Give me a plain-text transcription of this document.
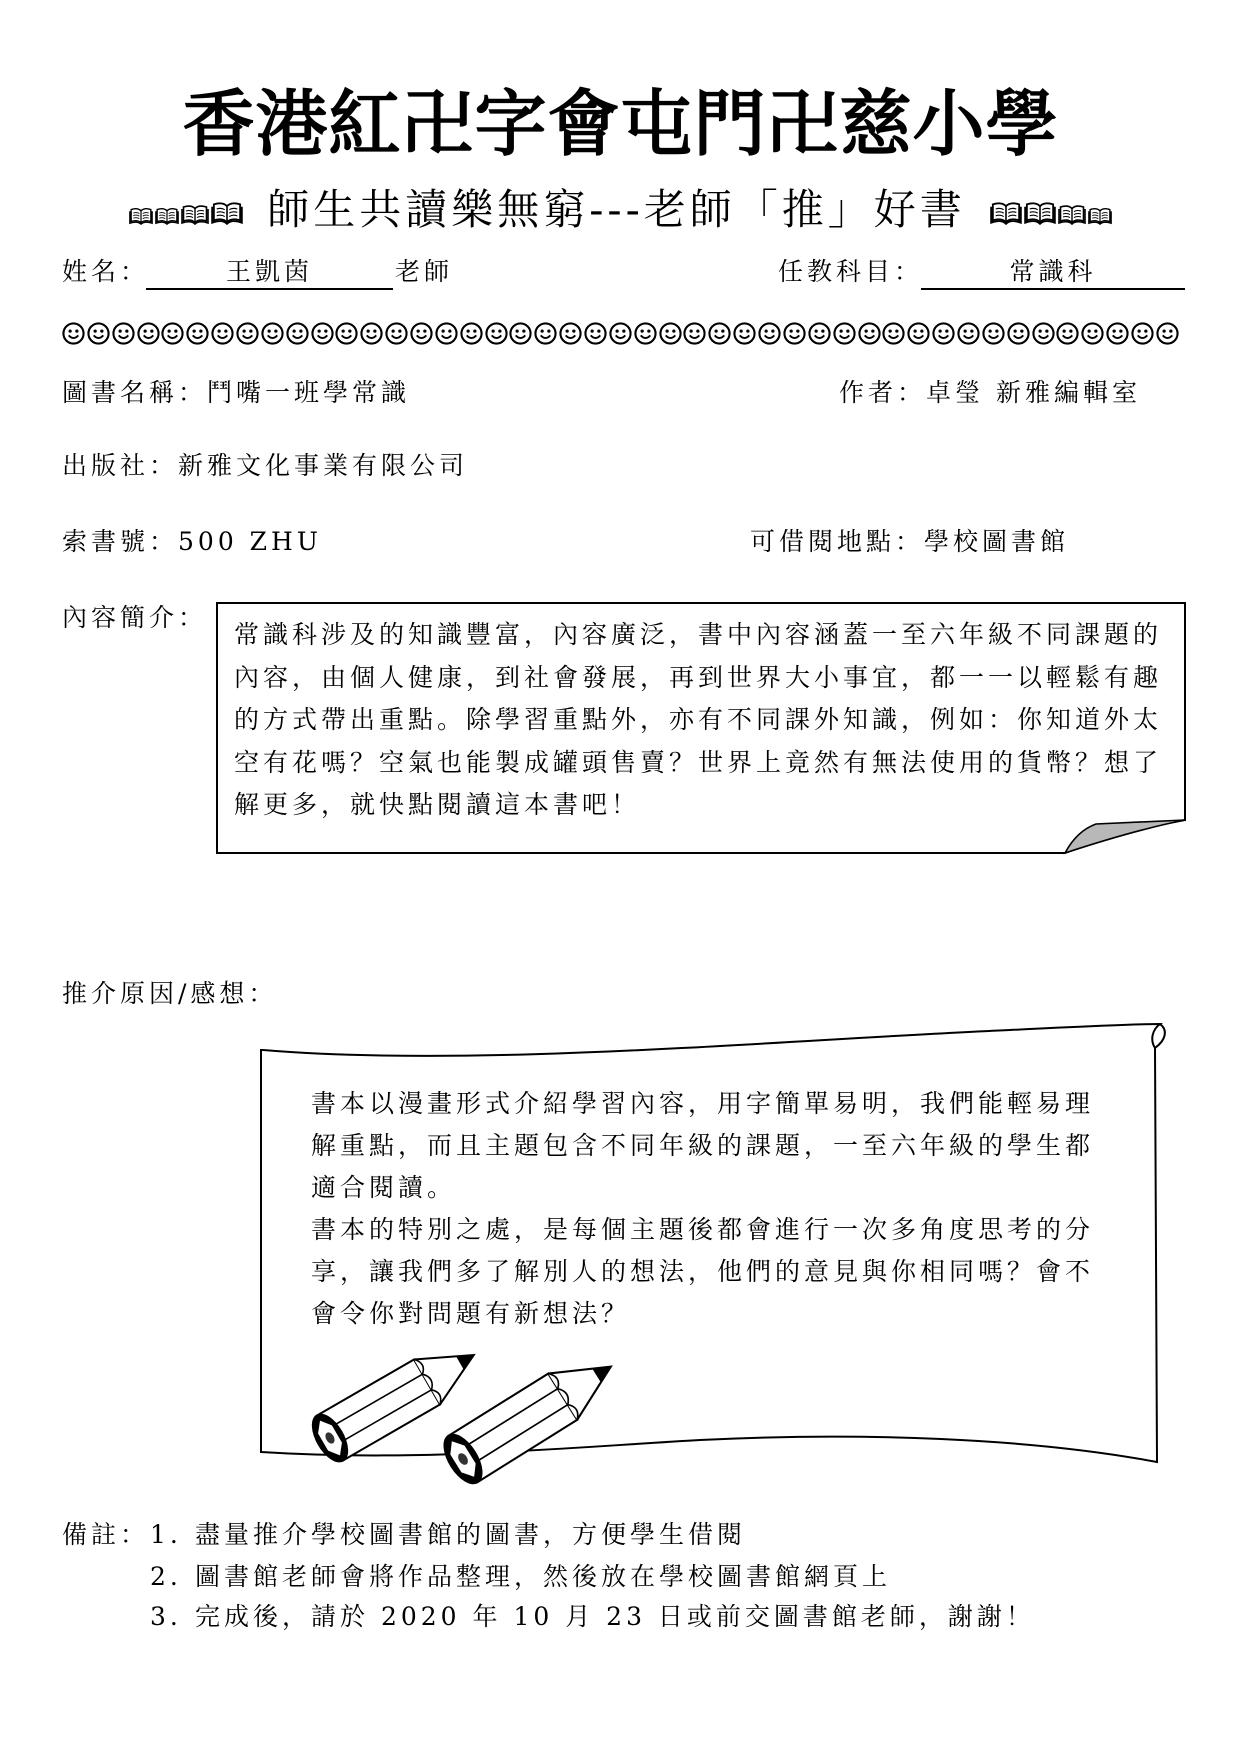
香港紅卍字會屯門卍慈小學
師生共讀樂無窮---老師「推」好書
姓名：	王凱茵	老師	任教科目：	常識科
圖書名稱：鬥嘴一班學常識	作者：卓瑩 新雅編輯室
出版社：新雅文化事業有限公司
索書號：500 ZHU	可借閱地點：學校圖書館
內容簡介：
常識科涉及的知識豐富，內容廣泛，書中內容涵蓋一至六年級不同課題的
內容，由個人健康，到社會發展，再到世界大小事宜，都一一以輕鬆有趣
的方式帶出重點。除學習重點外，亦有不同課外知識，例如：你知道外太
空有花嗎？空氣也能製成罐頭售賣？世界上竟然有無法使用的貨幣？想了
解更多，就快點閱讀這本書吧！
推介原因/感想：
書本以漫畫形式介紹學習內容，用字簡單易明，我們能輕易理
解重點，而且主題包含不同年級的課題，一至六年級的學生都
適合閱讀。
書本的特別之處，是每個主題後都會進行一次多角度思考的分
享，讓我們多了解別人的想法，他們的意見與你相同嗎？會不
會令你對問題有新想法？
備註： 1. 盡量推介學校圖書館的圖書，方便學生借閱
2. 圖書館老師會將作品整理，然後放在學校圖書館網頁上
3. 完成後，請於 2020 年 10 月 23 日或前交圖書館老師，謝謝！
